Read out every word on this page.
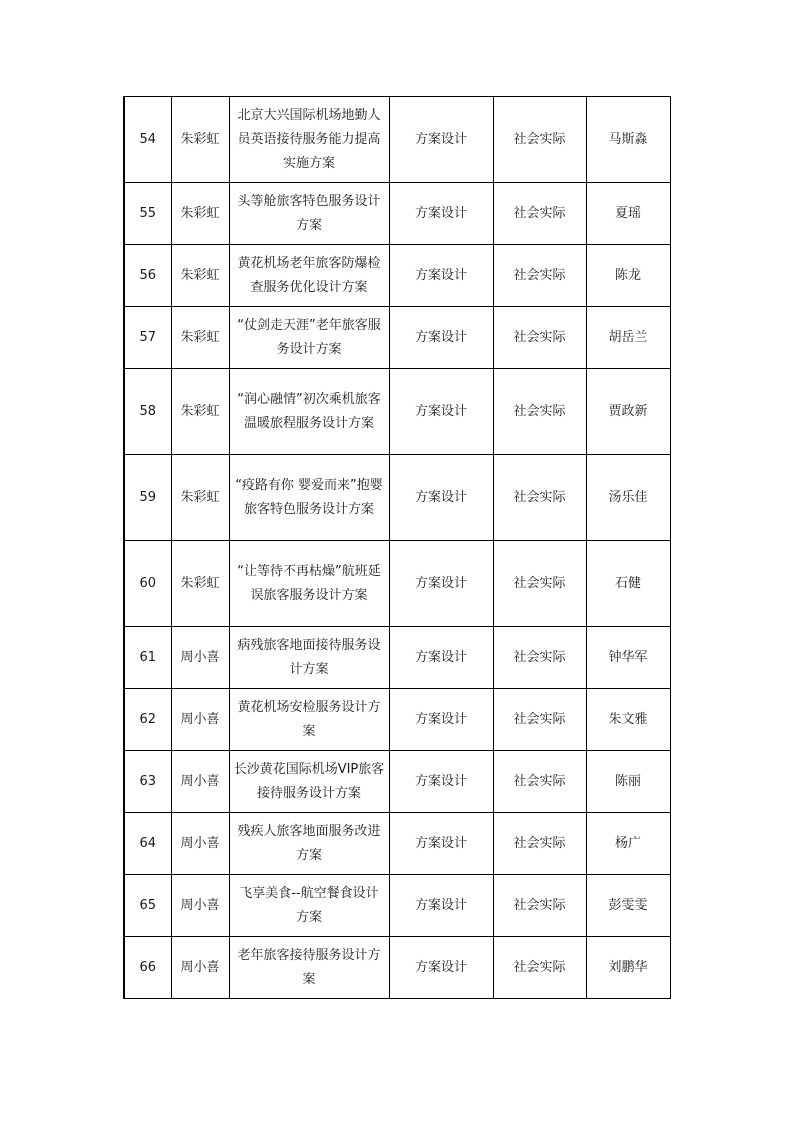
54	朱彩虹	北京大兴国际机场地勤人员英语接待服务能力提高实施方案	方案设计	社会实际	马斯淼
55	朱彩虹	头等舱旅客特色服务设计方案	方案设计	社会实际	夏瑶
56	朱彩虹	黄花机场老年旅客防爆检查服务优化设计方案	方案设计	社会实际	陈龙
57	朱彩虹	“仗剑走天涯”老年旅客服务设计方案	方案设计	社会实际	胡岳兰
58	朱彩虹	“润心融情”初次乘机旅客温暖旅程服务设计方案	方案设计	社会实际	贾政新
59	朱彩虹	“疫路有你 婴爱而来”抱婴旅客特色服务设计方案	方案设计	社会实际	汤乐佳
60	朱彩虹	“让等待不再枯燥”航班延误旅客服务设计方案	方案设计	社会实际	石健
61	周小喜	病残旅客地面接待服务设计方案	方案设计	社会实际	钟华军
62	周小喜	黄花机场安检服务设计方案	方案设计	社会实际	朱文雅
63	周小喜	长沙黄花国际机场VIP旅客接待服务设计方案	方案设计	社会实际	陈丽
64	周小喜	残疾人旅客地面服务改进方案	方案设计	社会实际	杨广
65	周小喜	飞享美食--航空餐食设计方案	方案设计	社会实际	彭雯雯
66	周小喜	老年旅客接待服务设计方案	方案设计	社会实际	刘鹏华
